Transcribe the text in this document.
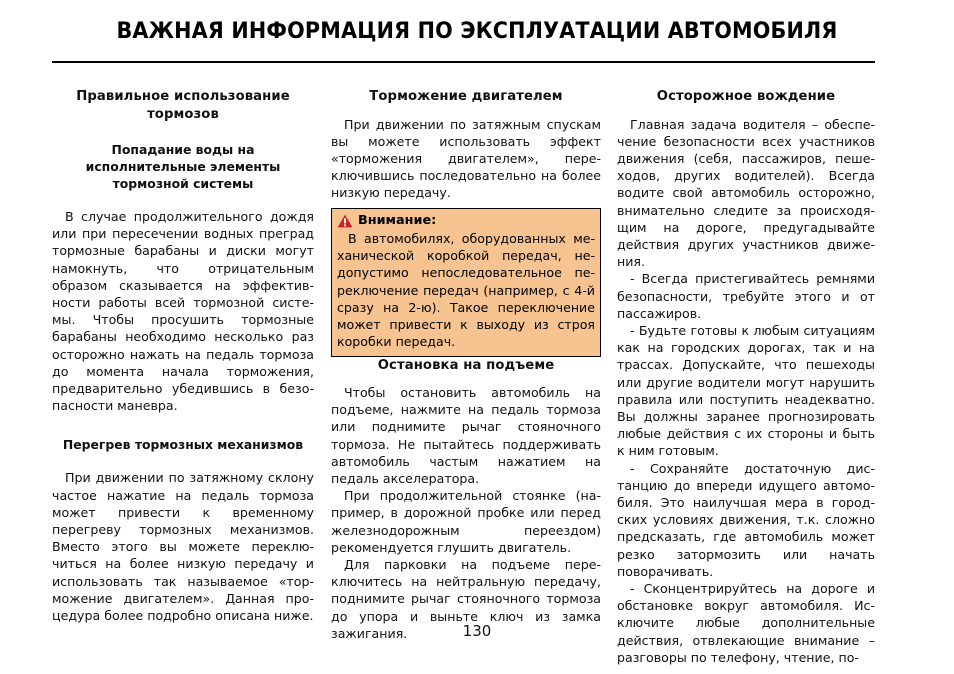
ВАЖНАЯ ИНФОРМАЦИЯ ПО ЭКСПЛУАТАЦИИ АВТОМОБИЛЯ
Правильное использование тормозов
Попадание воды на исполнительные элементы тормозной системы

В случае продолжительного дождя или при пересечении водных преград тормозные барабаны и диски могут намокнуть, что отрицательным образом сказывается на эффективности работы всей тормозной системы. Чтобы просушить тормозные барабаны необходимо несколько раз осторожно нажать на педаль тормоза до момента начала торможения, предварительно убедившись в безопасности маневра.

Перегрев тормозных механизмов

При движении по затяжному склону частое нажатие на педаль тормоза может привести к временному перегреву тормозных механизмов. Вместо этого вы можете переключиться на более низкую передачу и использовать так называемое «торможение двигателем». Данная процедура более подробно описана ниже.

Торможение двигателем

При движении по затяжным спускам вы можете использовать эффект «торможения двигателем», переключившись последовательно на более низкую передачу.

Остановка на подъеме

Чтобы остановить автомобиль на подъеме, нажмите на педаль тормоза или поднимите рычаг стояночного тормоза. Не пытайтесь поддерживать автомобиль частым нажатием на педаль акселератора.

При продолжительной стоянке (например, в дорожной пробке или перед железнодорожным переездом) рекомендуется глушить двигатель.

Для парковки на подъеме переключитесь на нейтральную передачу, поднимите рычаг стояночного тормоза до упора и выньте ключ из замка зажигания.

Внимание:

В автомобилях, оборудованных механической коробкой передач, недопустимо непоследовательное переключение передач (например, с 4-й сразу на 2-ю). Такое переключение может привести к выходу из строя коробки передач.

Осторожное вождение

Главная задача водителя – обеспечение безопасности всех участников движения (себя, пассажиров, пешеходов, других водителей). Всегда водите свой автомобиль осторожно, внимательно следите за происходящим на дороге, предугадывайте действия других участников движения.

- Всегда пристегивайтесь ремнями безопасности, требуйте этого и от пассажиров.

- Будьте готовы к любым ситуациям как на городских дорогах, так и на трассах. Допускайте, что пешеходы или другие водители могут нарушить правила или поступить неадекватно. Вы должны заранее прогнозировать любые действия с их стороны и быть к ним готовым.

- Сохраняйте достаточную дистанцию до впереди идущего автомобиля. Это наилучшая мера в городских условиях движения, т.к. сложно предсказать, где автомобиль может резко затормозить или начать поворачивать.

- Сконцентрируйтесь на дороге и обстановке вокруг автомобиля. Исключите любые дополнительные действия, отвлекающие внимание – разговоры по телефону, чтение, по-

130
